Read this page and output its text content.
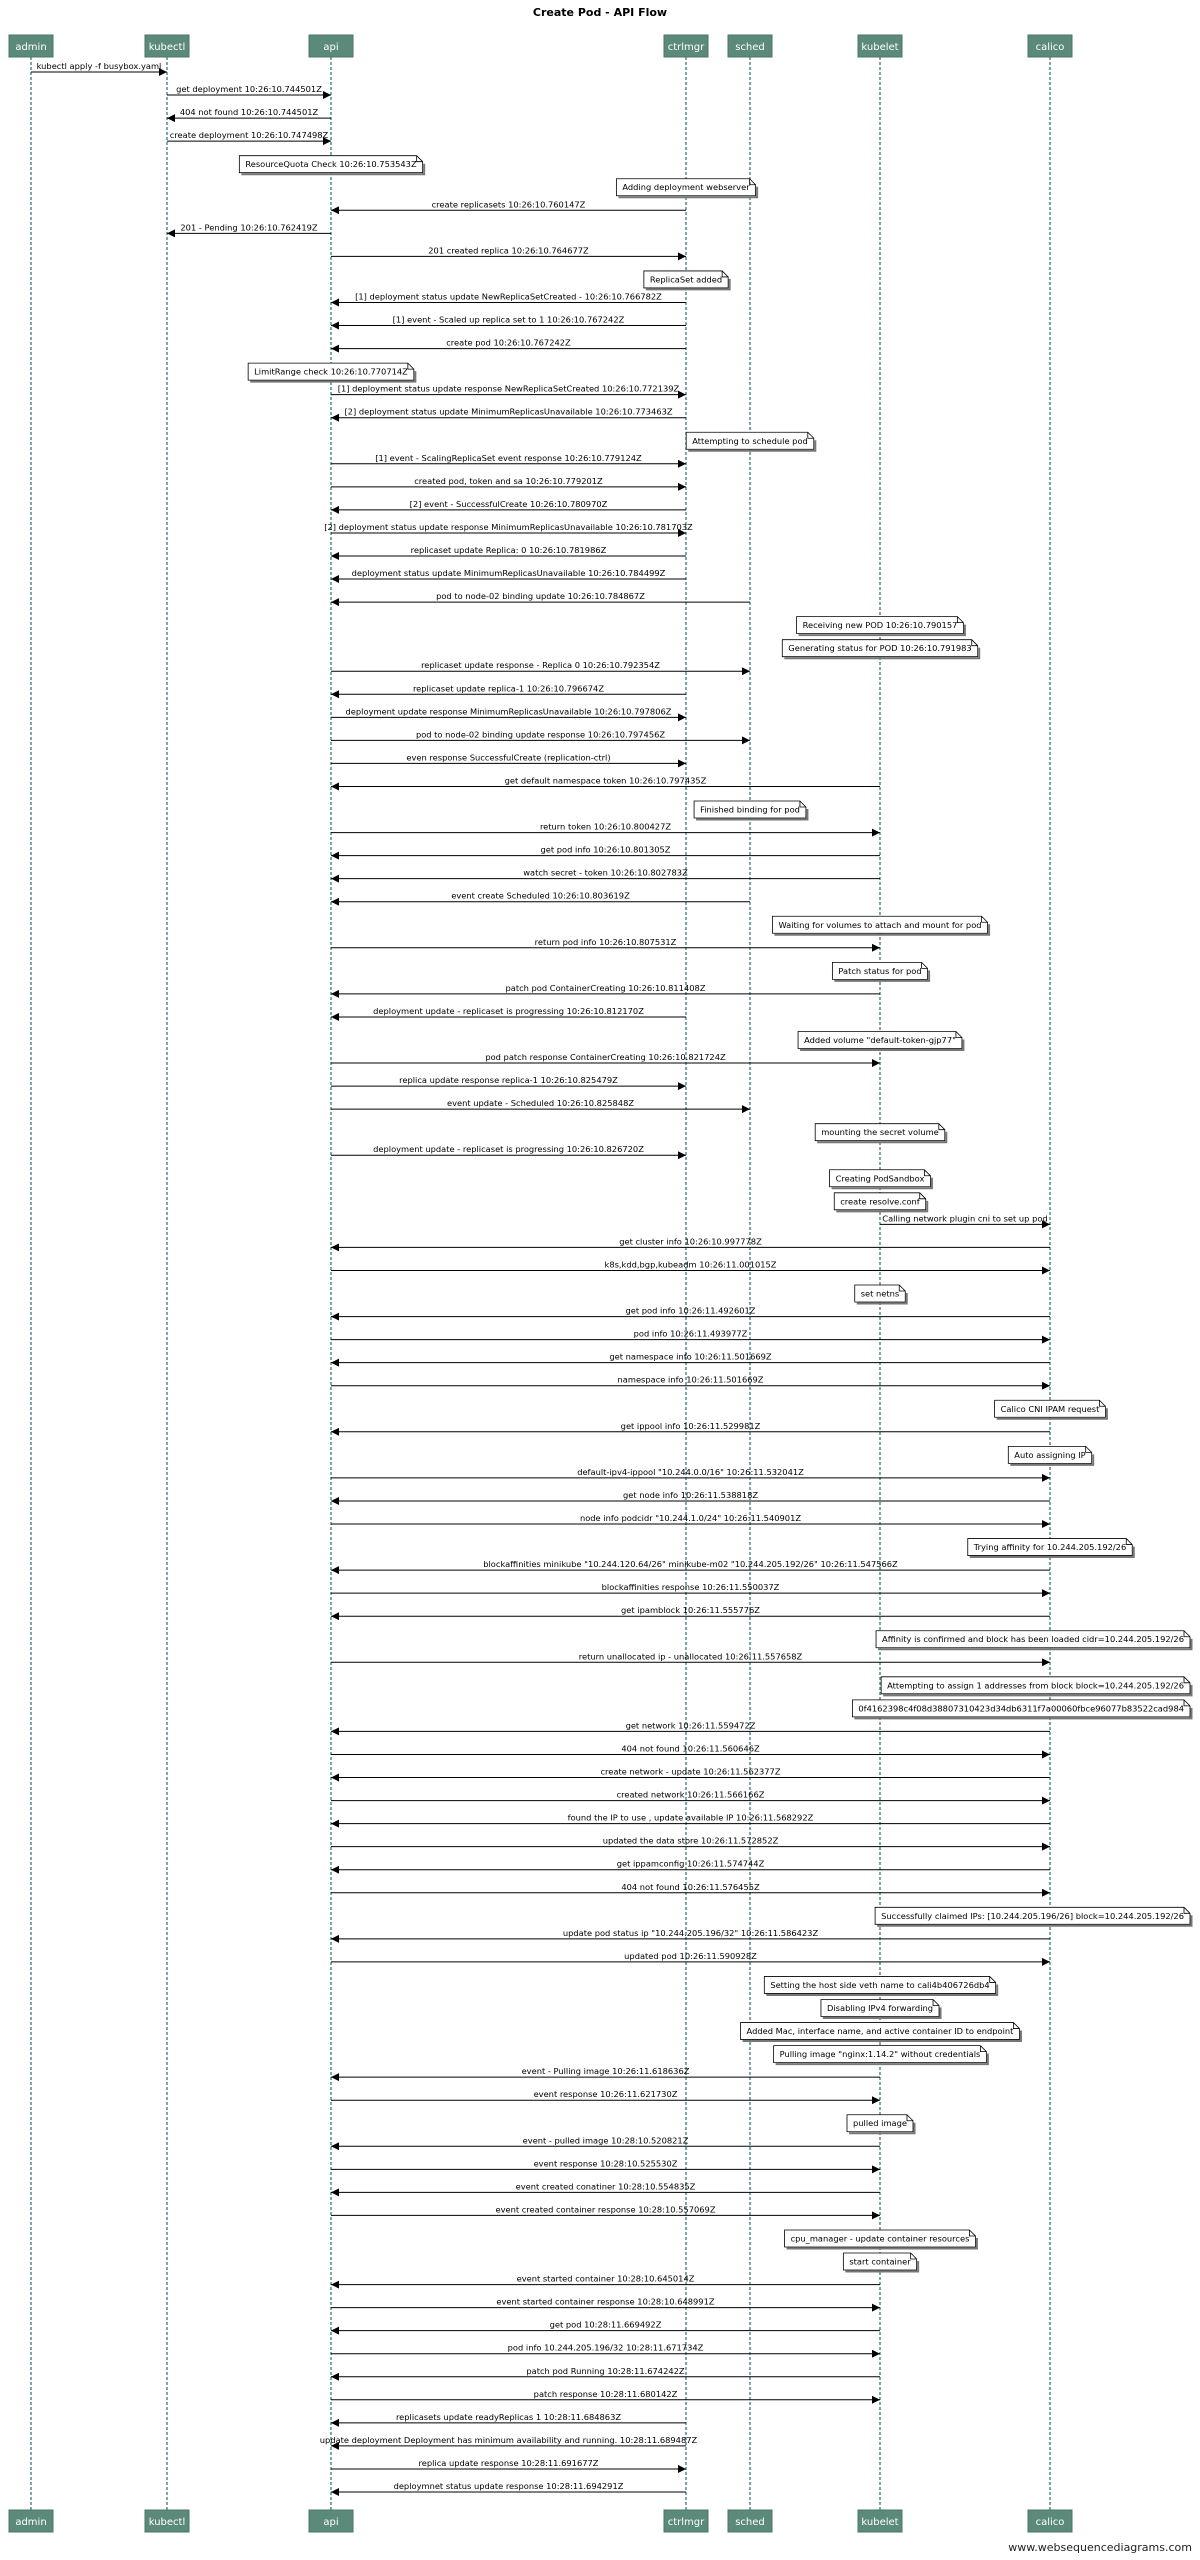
Create Pod - API Flow
admin	kubectl	api	ctrlmgr	sched	kubelet	calico
admin	kubectl	api	ctrlmgr	sched	kubelet	calico
kubectl apply -f busybox.yaml
get deployment 10:26:10.744501Z
404 not found 10:26:10.744501Z
create deployment 10:26:10.747498Z
ResourceQuota Check 10:26:10.753543Z
Adding deployment webserver
create replicasets 10:26:10.760147Z
201 - Pending 10:26:10.762419Z
201 created replica 10:26:10.764677Z
ReplicaSet added
[1] deployment status update NewReplicaSetCreated - 10:26:10.766782Z
[1] event - Scaled up replica set to 1 10:26:10.767242Z
create pod 10:26:10.767242Z
LimitRange check 10:26:10.770714Z
[1] deployment status update response NewReplicaSetCreated 10:26:10.772139Z
[2] deployment status update MinimumReplicasUnavailable 10:26:10.773463Z
Attempting to schedule pod
[1] event - ScalingReplicaSet event response 10:26:10.779124Z
created pod, token and sa 10:26:10.779201Z
[2] event - SuccessfulCreate 10:26:10.780970Z
[2] deployment status update response MinimumReplicasUnavailable 10:26:10.781703Z
replicaset update Replica: 0 10:26:10.781986Z
deployment status update MinimumReplicasUnavailable 10:26:10.784499Z
pod to node-02 binding update 10:26:10.784867Z
Receiving new POD 10:26:10.790157
Generating status for POD 10:26:10.791983
replicaset update response - Replica 0 10:26:10.792354Z
replicaset update replica-1 10:26:10.796674Z
deployment update response MinimumReplicasUnavailable 10:26:10.797806Z
pod to node-02 binding update response 10:26:10.797456Z
even response SuccessfulCreate (replication-ctrl)
get default namespace token 10:26:10.797435Z
Finished binding for pod
return token 10:26:10.800427Z
get pod info 10:26:10.801305Z
watch secret - token 10:26:10.802783Z
event create Scheduled 10:26:10.803619Z
Waiting for volumes to attach and mount for pod
return pod info 10:26:10.807531Z
Patch status for pod
patch pod ContainerCreating 10:26:10.811408Z
deployment update - replicaset is progressing 10:26:10.812170Z
Added volume "default-token-gjp77"
pod patch response ContainerCreating 10:26:10.821724Z
replica update response replica-1 10:26:10.825479Z
event update - Scheduled 10:26:10.825848Z
mounting the secret volume
deployment update - replicaset is progressing 10:26:10.826720Z
Creating PodSandbox
create resolve.conf
Calling network plugin cni to set up pod
get cluster info 10:26:10.997778Z
k8s,kdd,bgp,kubeadm 10:26:11.001015Z
set netns
get pod info 10:26:11.492601Z
pod info 10:26:11.493977Z
get namespace info 10:26:11.501669Z
namespace info 10:26:11.501669Z
Calico CNI IPAM request
get ippool info 10:26:11.529981Z
Auto assigning IP
default-ipv4-ippool "10.244.0.0/16" 10:26:11.532041Z
get node info 10:26:11.538818Z
node info podcidr "10.244.1.0/24" 10:26:11.540901Z
Trying affinity for 10.244.205.192/26
blockaffinities minikube "10.244.120.64/26" minikube-m02 "10.244.205.192/26" 10:26:11.547566Z
blockaffinities response 10:26:11.550037Z
get ipamblock 10:26:11.555776Z
Affinity is confirmed and block has been loaded cidr=10.244.205.192/26
return unallocated ip - unallocated 10:26:11.557658Z
Attempting to assign 1 addresses from block block=10.244.205.192/26
0f4162398c4f08d38807310423d34db6311f7a00060fbce96077b83522cad984
get network 10:26:11.559472Z
404 not found 10:26:11.560646Z
create network - update 10:26:11.562377Z
created network 10:26:11.566166Z
found the IP to use , update available IP 10:26:11.568292Z
updated the data store 10:26:11.572852Z
get ippamconfig 10:26:11.574744Z
404 not found 10:26:11.576455Z
Successfully claimed IPs: [10.244.205.196/26] block=10.244.205.192/26
update pod status ip "10.244.205.196/32" 10:26:11.586423Z
updated pod 10:26:11.590928Z
Setting the host side veth name to cali4b406726db4
Disabling IPv4 forwarding
Added Mac, interface name, and active container ID to endpoint
Pulling image "nginx:1.14.2" without credentials
event - Pulling image 10:26:11.618636Z
event response 10:26:11.621730Z
pulled image
event - pulled image 10:28:10.520821Z
event response 10:28:10.525530Z
event created conatiner 10:28:10.554835Z
event created container response 10:28:10.557069Z
cpu_manager - update container resources
start container
event started container 10:28:10.645014Z
event started container response 10:28:10.648991Z
get pod 10:28:11.669492Z
pod info 10.244.205.196/32 10:28:11.671734Z
patch pod Running 10:28:11.674242Z
patch response 10:28:11.680142Z
replicasets update readyReplicas 1 10:28:11.684863Z
update deployment Deployment has minimum availability and running. 10:28:11.689487Z
replica update response 10:28:11.691677Z
deploymnet status update response 10:28:11.694291Z
www.websequencediagrams.com
